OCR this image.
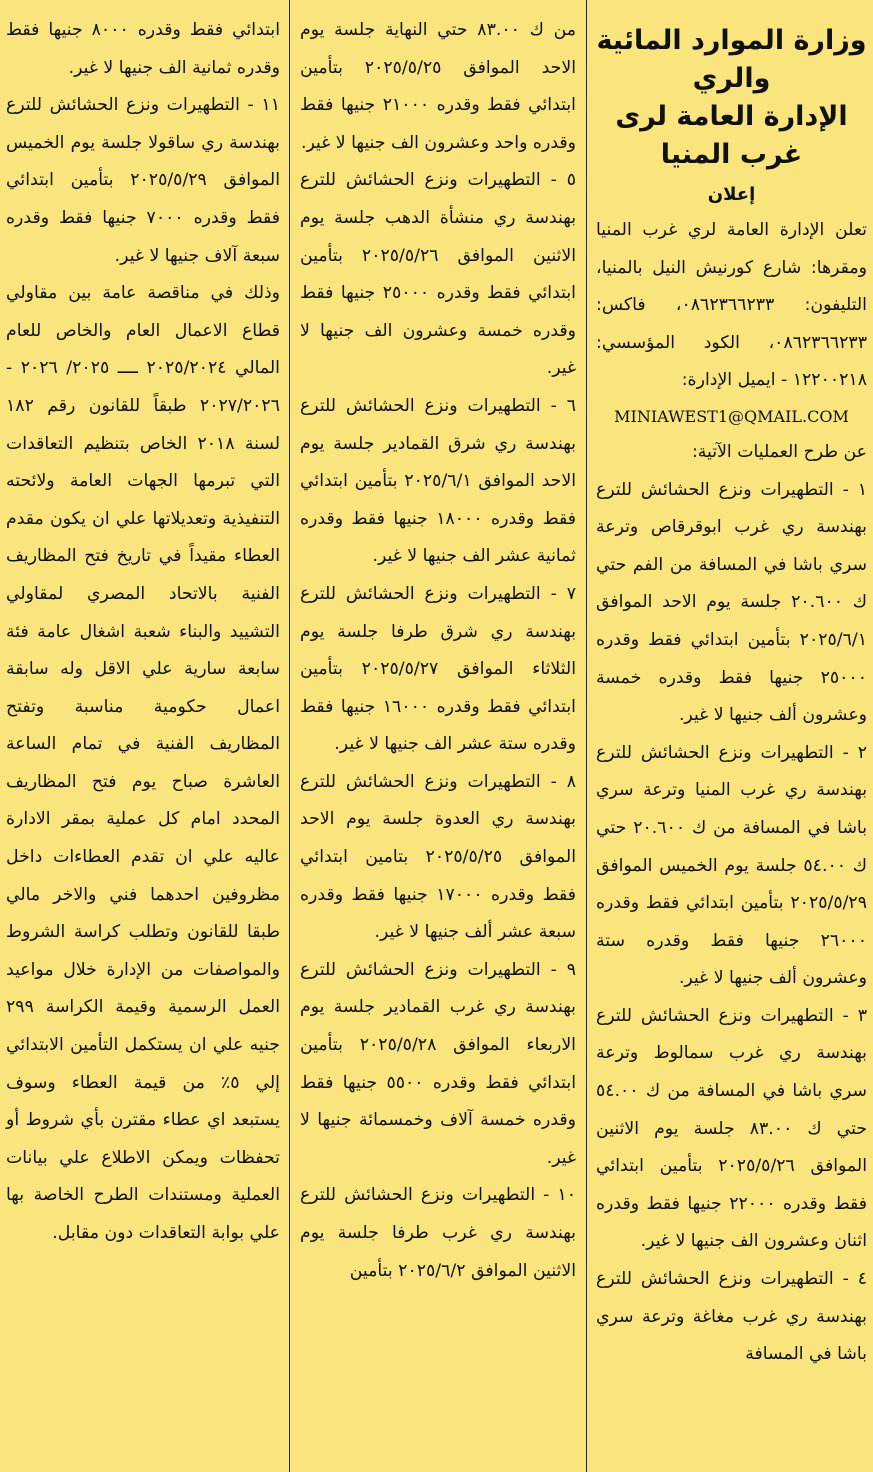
وزارة الموارد المائية والري
الإدارة العامة لرى
غرب المنيا
إعلان

تعلن الإدارة العامة لري غرب المنيا ومقرها: شارع كورنيش النيل بالمنيا، التليفون: ٠٨٦٢٣٦٦٢٣٣، فاكس: ٠٨٦٢٣٦٦٢٣٣، الكود المؤسسي: ١٢٢٠٠٢١٨ - ايميل الإدارة:

MINIAWEST1@QMAIL.COM

عن طرح العمليات الآتية:

١ - التطهيرات ونزع الحشائش للترع بهندسة ري غرب ابوقرقاص وترعة سري باشا في المسافة من الفم حتي ك ٢٠.٦٠٠ جلسة يوم الاحد الموافق ٢٠٢٥/٦/١ بتأمين ابتدائي فقط وقدره ٢٥٠٠٠ جنيها فقط وقدره خمسة وعشرون ألف جنيها لا غير.

٢ - التطهيرات ونزع الحشائش للترع بهندسة ري غرب المنيا وترعة سري باشا في المسافة من ك ٢٠.٦٠٠ حتي ك ٥٤.٠٠ جلسة يوم الخميس الموافق ٢٠٢٥/٥/٢٩ بتأمين ابتدائي فقط وقدره ٢٦٠٠٠ جنيها فقط وقدره ستة وعشرون ألف جنيها لا غير.

٣ - التطهيرات ونزع الحشائش للترع بهندسة ري غرب سمالوط وترعة سري باشا في المسافة من ك ٥٤.٠٠ حتي ك ٨٣.٠٠ جلسة يوم الاثنين الموافق ٢٠٢٥/٥/٢٦ بتأمين ابتدائي فقط وقدره ٢٢٠٠٠ جنيها فقط وقدره اثنان وعشرون الف جنيها لا غير.

٤ - التطهيرات ونزع الحشائش للترع بهندسة ري غرب مغاغة وترعة سري باشا في المسافة

من ك ٨٣.٠٠ حتي النهاية جلسة يوم الاحد الموافق ٢٠٢٥/٥/٢٥ بتأمين ابتدائي فقط وقدره ٢١٠٠٠ جنيها فقط وقدره واحد وعشرون الف جنيها لا غير.

٥ - التطهيرات ونزع الحشائش للترع بهندسة ري منشأة الدهب جلسة يوم الاثنين الموافق ٢٠٢٥/٥/٢٦ بتأمين ابتدائي فقط وقدره ٢٥٠٠٠ جنيها فقط وقدره خمسة وعشرون الف جنيها لا غير.

٦ - التطهيرات ونزع الحشائش للترع بهندسة ري شرق القمادير جلسة يوم الاحد الموافق ٢٠٢٥/٦/١ بتأمين ابتدائي فقط وقدره ١٨٠٠٠ جنيها فقط وقدره ثمانية عشر الف جنيها لا غير.

٧ - التطهيرات ونزع الحشائش للترع بهندسة ري شرق طرفا جلسة يوم الثلاثاء الموافق ٢٠٢٥/٥/٢٧ بتأمين ابتدائي فقط وقدره ١٦٠٠٠ جنيها فقط وقدره ستة عشر الف جنيها لا غير.

٨ - التطهيرات ونزع الحشائش للترع بهندسة ري العدوة جلسة يوم الاحد الموافق ٢٠٢٥/٥/٢٥ بتامين ابتدائي فقط وقدره ١٧٠٠٠ جنيها فقط وقدره سبعة عشر ألف جنيها لا غير.

٩ - التطهيرات ونزع الحشائش للترع بهندسة ري غرب القمادير جلسة يوم الاربعاء الموافق ٢٠٢٥/٥/٢٨ بتأمين ابتدائي فقط وقدره ٥٥٠٠ جنيها فقط وقدره خمسة آلاف وخمسمائة جنيها لا غير.

١٠ - التطهيرات ونزع الحشائش للترع بهندسة ري غرب طرفا جلسة يوم الاثنين الموافق ٢٠٢٥/٦/٢ بتأمين

ابتدائي فقط وقدره ٨٠٠٠ جنيها فقط وقدره ثمانية الف جنيها لا غير.

١١ - التطهيرات ونزع الحشائش للترع بهندسة ري ساقولا جلسة يوم الخميس الموافق ٢٠٢٥/٥/٢٩ بتأمين ابتدائي فقط وقدره ٧٠٠٠ جنيها فقط وقدره سبعة آلاف جنيها لا غير.

وذلك في مناقصة عامة بين مقاولي قطاع الاعمال العام والخاص للعام المالي ٢٠٢٥/٢٠٢٤ ــــ ٢٠٢٥/ ٢٠٢٦ - ٢٠٢٧/٢٠٢٦ طبقاً للقانون رقم ١٨٢ لسنة ٢٠١٨ الخاص بتنظيم التعاقدات التي تبرمها الجهات العامة ولائحته التنفيذية وتعديلاتها علي ان يكون مقدم العطاء مقيداً في تاريخ فتح المظاريف الفنية بالاتحاد المصري لمقاولي التشييد والبناء شعبة اشغال عامة فئة سابعة سارية علي الاقل وله سابقة اعمال حكومية مناسبة وتفتح المظاريف الفنية في تمام الساعة العاشرة صباح يوم فتح المظاريف المحدد امام كل عملية بمقر الادارة عاليه علي ان تقدم العطاءات داخل مظروفين احدهما فني والاخر مالي طبقا للقانون وتطلب كراسة الشروط والمواصفات من الإدارة خلال مواعيد العمل الرسمية وقيمة الكراسة ٢٩٩ جنيه علي ان يستكمل التأمين الابتدائي إلي ٥٪ من قيمة العطاء وسوف يستبعد اي عطاء مقترن بأي شروط أو تحفظات ويمكن الاطلاع علي بيانات العملية ومستندات الطرح الخاصة بها علي بوابة التعاقدات دون مقابل.
